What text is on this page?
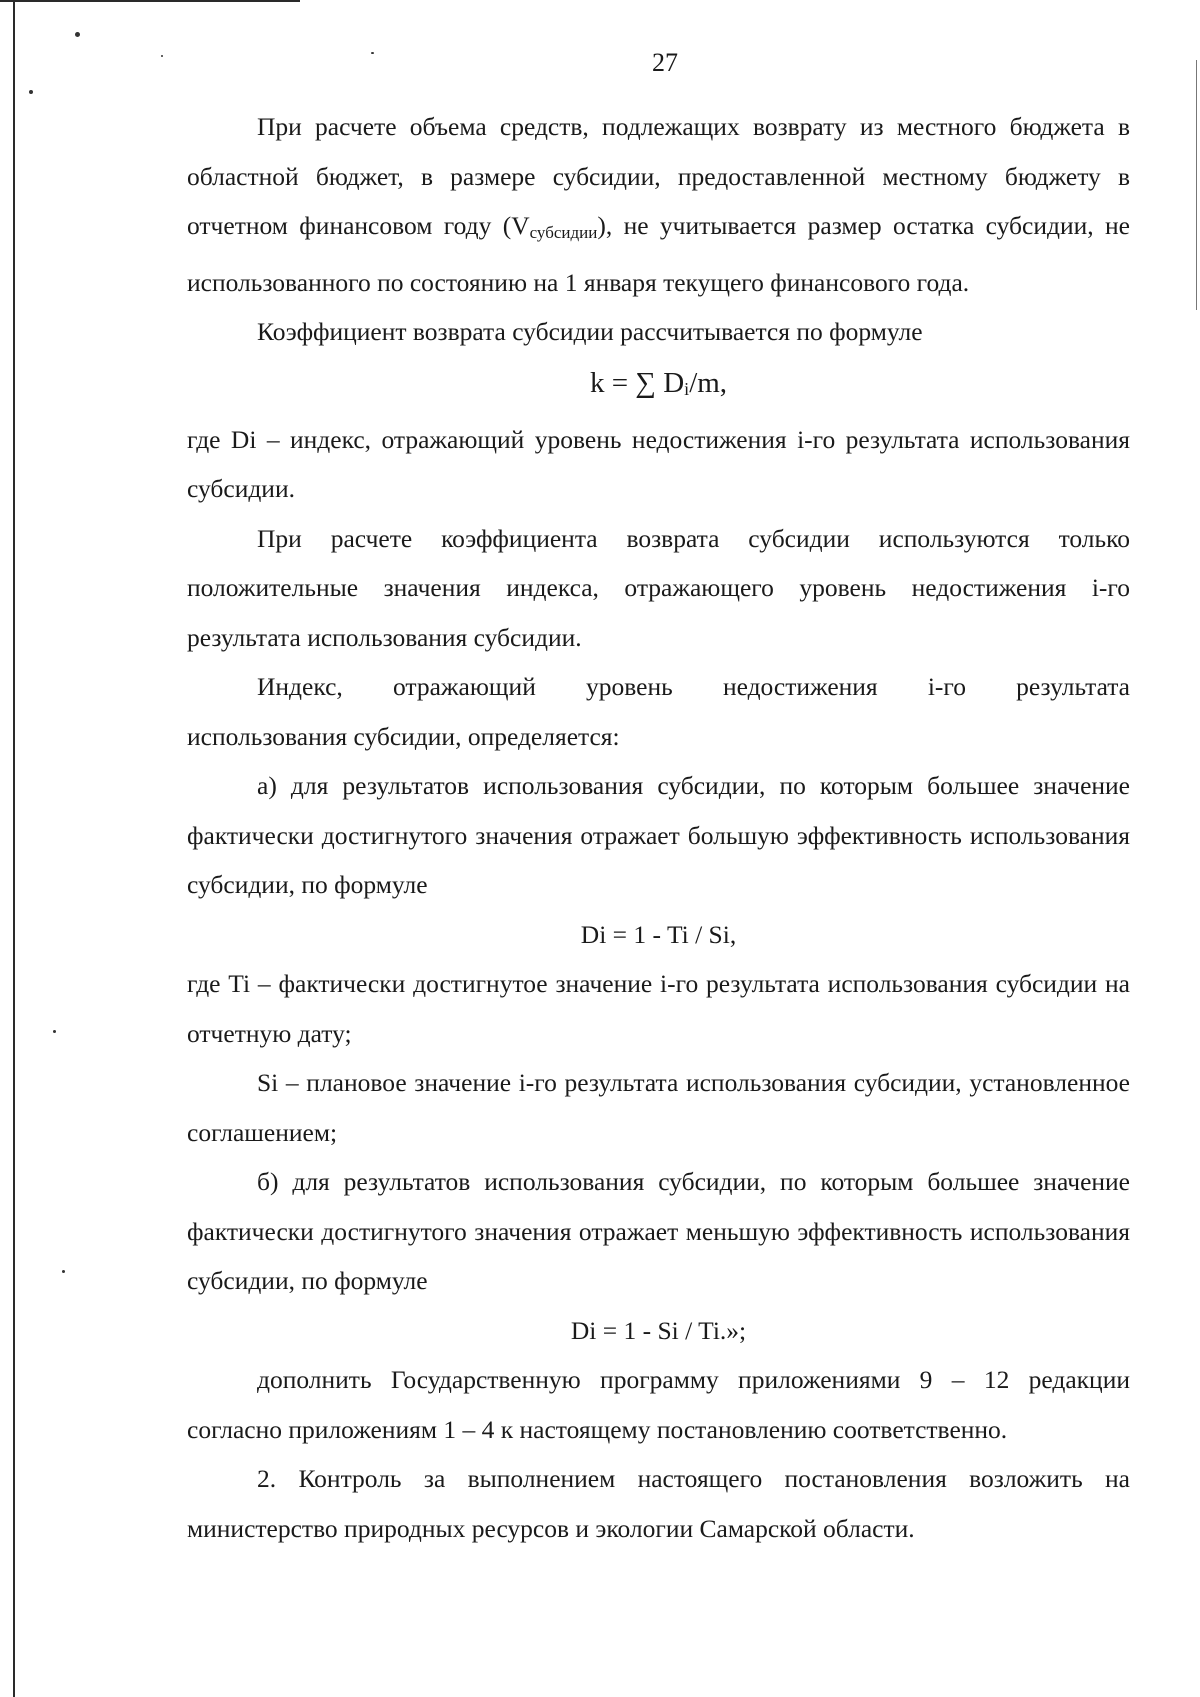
27

При расчете объема средств, подлежащих возврату из местного бюджета в областной бюджет, в размере субсидии, предоставленной местному бюджету в отчетном финансовом году $(V_{субсидии})$, не учитывается размер остатка субсидии, не использованного по состоянию на 1 января текущего финансового года.

Коэффициент возврата субсидии рассчитывается по формуле

k = ∑ Di/m,

где Di – индекс, отражающий уровень недостижения i-го результата использования субсидии.

При расчете коэффициента возврата субсидии используются только положительные значения индекса, отражающего уровень недостижения i-го результата использования субсидии.

Индекс, отражающий уровень недостижения i-го результата

использования субсидии, определяется:

а) для результатов использования субсидии, по которым большее значение фактически достигнутого значения отражает большую эффективность использования субсидии, по формуле

Di = 1 - Ti / Si,

где Ti – фактически достигнутое значение i-го результата использования субсидии на отчетную дату;

Si – плановое значение i-го результата использования субсидии, установленное соглашением;

б) для результатов использования субсидии, по которым большее значение фактически достигнутого значения отражает меньшую эффективность использования субсидии, по формуле

Di = 1 - Si / Ti.»;

дополнить Государственную программу приложениями 9 – 12 редакции согласно приложениям 1 – 4 к настоящему постановлению соответственно.

2. Контроль за выполнением настоящего постановления возложить на министерство природных ресурсов и экологии Самарской области.
